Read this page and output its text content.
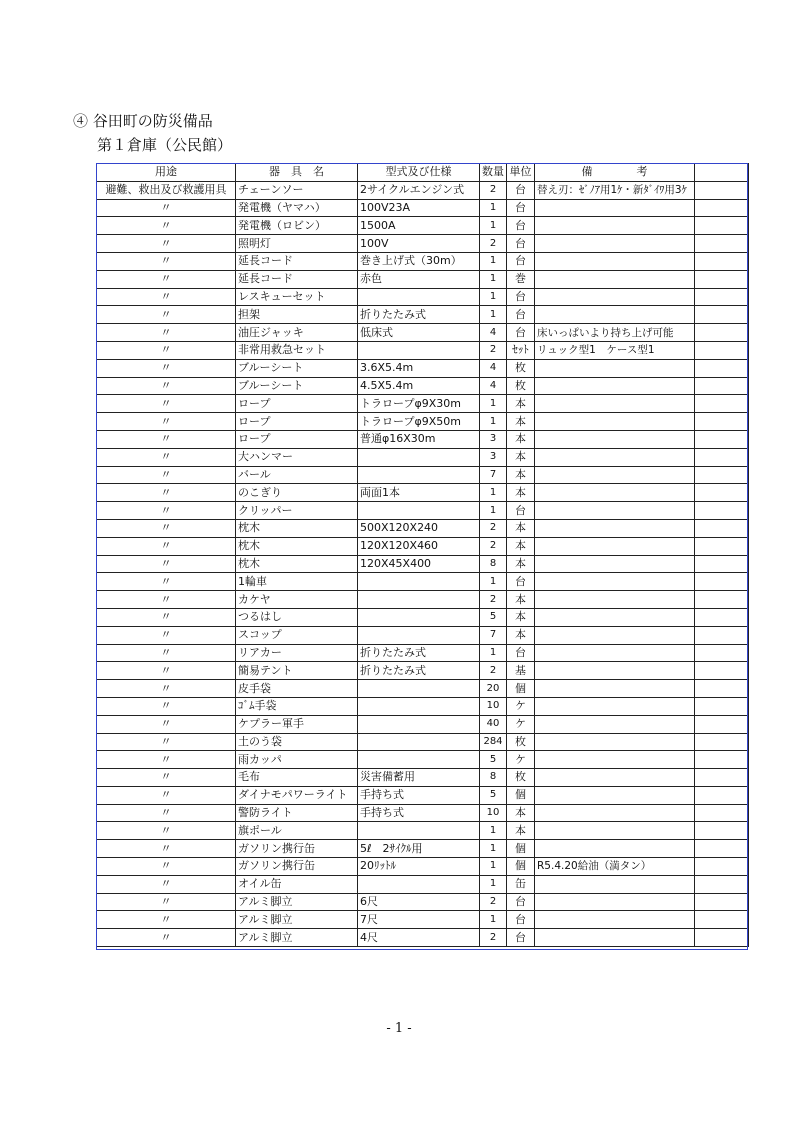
④ 谷田町の防災備品
第１倉庫（公民館）
用途	器　具　名	型式及び仕様	数量	単位	備　　　　考	
避難、救出及び救護用具	チェーンソー	2サイクルエンジン式	2	台	替え刃：ｾﾞﾉｱ用1ｹ・新ﾀﾞｲﾜ用3ｹ	
〃	発電機（ヤマハ）	100V23A	1	台		
〃	発電機（ロビン）	1500A	1	台		
〃	照明灯	100V	2	台		
〃	延長コード	巻き上げ式（30m）	1	台		
〃	延長コード	赤色	1	巻		
〃	レスキューセット		1	台		
〃	担架	折りたたみ式	1	台		
〃	油圧ジャッキ	低床式	4	台	床いっぱいより持ち上げ可能	
〃	非常用救急セット		2	ｾｯﾄ	リュック型1　ケース型1	
〃	ブルーシート	3.6X5.4m	4	枚		
〃	ブルーシート	4.5X5.4m	4	枚		
〃	ロープ	トラロープφ9X30m	1	本		
〃	ロープ	トラロープφ9X50m	1	本		
〃	ロープ	普通φ16X30m	3	本		
〃	大ハンマー		3	本		
〃	バール		7	本		
〃	のこぎり	両面1本	1	本		
〃	クリッパー		1	台		
〃	枕木	500X120X240	2	本		
〃	枕木	120X120X460	2	本		
〃	枕木	120X45X400	8	本		
〃	1輪車		1	台		
〃	カケヤ		2	本		
〃	つるはし		5	本		
〃	スコップ		7	本		
〃	リアカー	折りたたみ式	1	台		
〃	簡易テント	折りたたみ式	2	基		
〃	皮手袋		20	個		
〃	ｺﾞﾑ手袋		10	ケ		
〃	ケプラー軍手		40	ケ		
〃	土のう袋		284	枚		
〃	雨カッパ		5	ケ		
〃	毛布	災害備蓄用	8	枚		
〃	ダイナモパワーライト	手持ち式	5	個		
〃	警防ライト	手持ち式	10	本		
〃	旗ポール		1	本		
〃	ガソリン携行缶	5ℓ　2ｻｲｸﾙ用	1	個		
〃	ガソリン携行缶	20ﾘｯﾄﾙ	1	個	R5.4.20給油（満タン）	
〃	オイル缶		1	缶		
〃	アルミ脚立	6尺	2	台		
〃	アルミ脚立	7尺	1	台		
〃	アルミ脚立	4尺	2	台		
- 1 -
